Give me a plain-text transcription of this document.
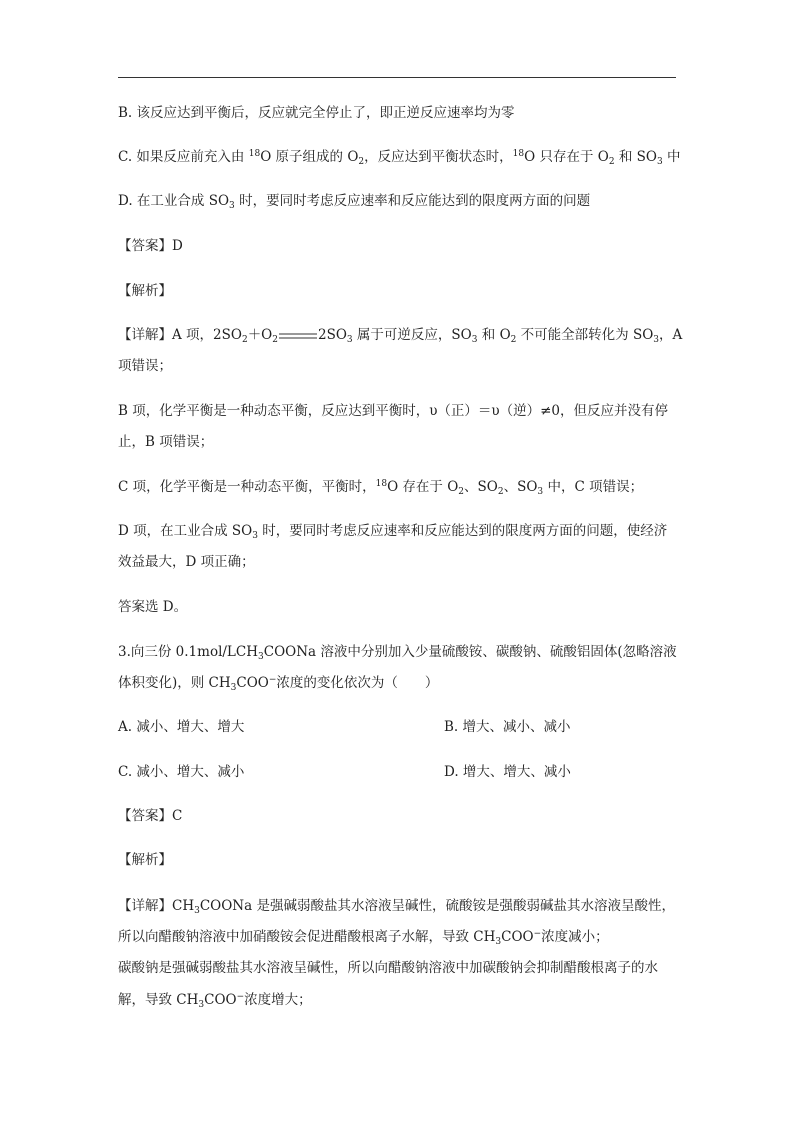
B. 该反应达到平衡后，反应就完全停止了，即正逆反应速率均为零
C. 如果反应前充入由 $^{18}$O 原子组成的 $O_2$，反应达到平衡状态时，$^{18}$O 只存在于 $O_2$ 和 $SO_3$ 中
D. 在工业合成 $SO_3$ 时，要同时考虑反应速率和反应能达到的限度两方面的问题
【答案】D
【解析】
【详解】A 项，$2SO_2+O_2$	$2SO_3$ 属于可逆反应，$SO_3$ 和 $O_2$ 不可能全部转化为 $SO_3$，A
项错误；
B 项，化学平衡是一种动态平衡，反应达到平衡时，υ（正）＝υ（逆）≠0，但反应并没有停
止，B 项错误；
C 项，化学平衡是一种动态平衡，平衡时，$^{18}$O 存在于 $O_2$、$SO_2$、$SO_3$ 中，C 项错误；
D 项，在工业合成 $SO_3$ 时，要同时考虑反应速率和反应能达到的限度两方面的问题，使经济
效益最大，D 项正确；
答案选 D。
3.向三份 $0.1mol/LCH_3COONa$ 溶液中分别加入少量硫酸铵、碳酸钠、硫酸铝固体(忽略溶液
体积变化)，则 $CH_3COO^-$浓度的变化依次为（　　）
A. 减小、增大、增大	B. 增大、减小、减小
C. 减小、增大、减小	D. 增大、增大、减小
【答案】C
【解析】
【详解】$CH_3COONa$ 是强碱弱酸盐其水溶液呈碱性，硫酸铵是强酸弱碱盐其水溶液呈酸性，
所以向醋酸钠溶液中加硝酸铵会促进醋酸根离子水解，导致 $CH_3COO^-$浓度减小；
碳酸钠是强碱弱酸盐其水溶液呈碱性，所以向醋酸钠溶液中加碳酸钠会抑制醋酸根离子的水
解，导致 $CH_3COO^-$浓度增大；
